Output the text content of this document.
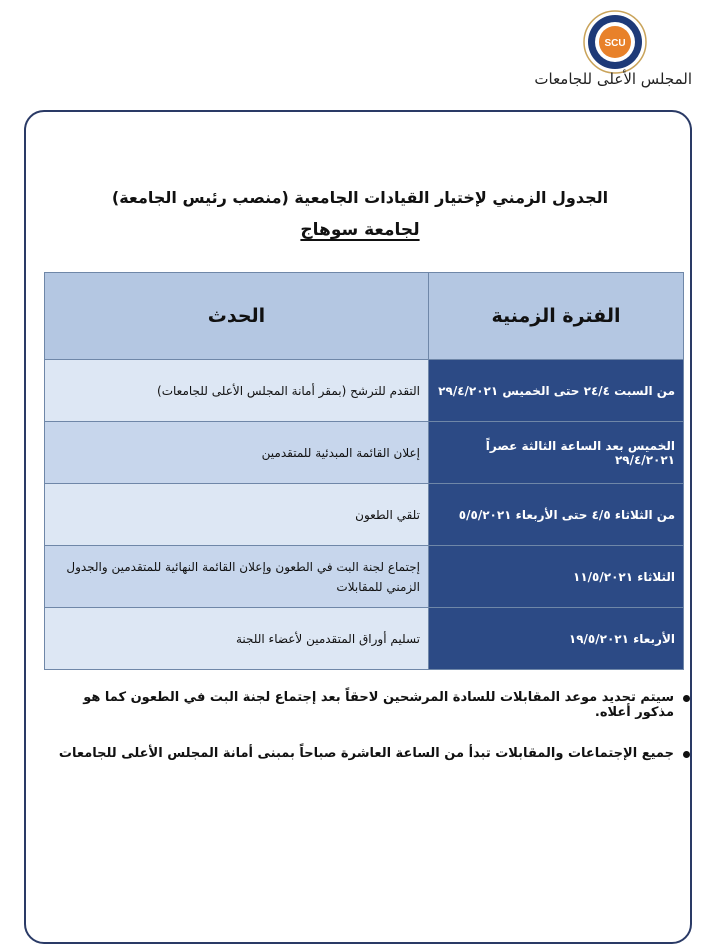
SCU
المجلس الأعلى للجامعات
الجدول الزمني لإختيار القيادات الجامعية (منصب رئيس الجامعة)
لجامعة سوهاج
الفترة الزمنية	الحدث
من السبت ٢٤/٤ حتى الخميس ٢٩/٤/٢٠٢١	التقدم للترشح (بمقر أمانة المجلس الأعلى للجامعات)
الخميس بعد الساعة الثالثة عصراً ٢٩/٤/٢٠٢١	إعلان القائمة المبدئية للمتقدمين
من الثلاثاء ٤/٥ حتى الأربعاء ٥/٥/٢٠٢١	تلقي الطعون
الثلاثاء ١١/٥/٢٠٢١	إجتماع لجنة البت في الطعون وإعلان القائمة النهائية للمتقدمين والجدول الزمني للمقابلات
الأربعاء ١٩/٥/٢٠٢١	تسليم أوراق المتقدمين لأعضاء اللجنة
سيتم تحديد موعد المقابلات للسادة المرشحين لاحقاً بعد إجتماع لجنة البت في الطعون كما هو مذكور أعلاه.
جميع الإجتماعات والمقابلات تبدأ من الساعة العاشرة صباحاً بمبنى أمانة المجلس الأعلى للجامعات
